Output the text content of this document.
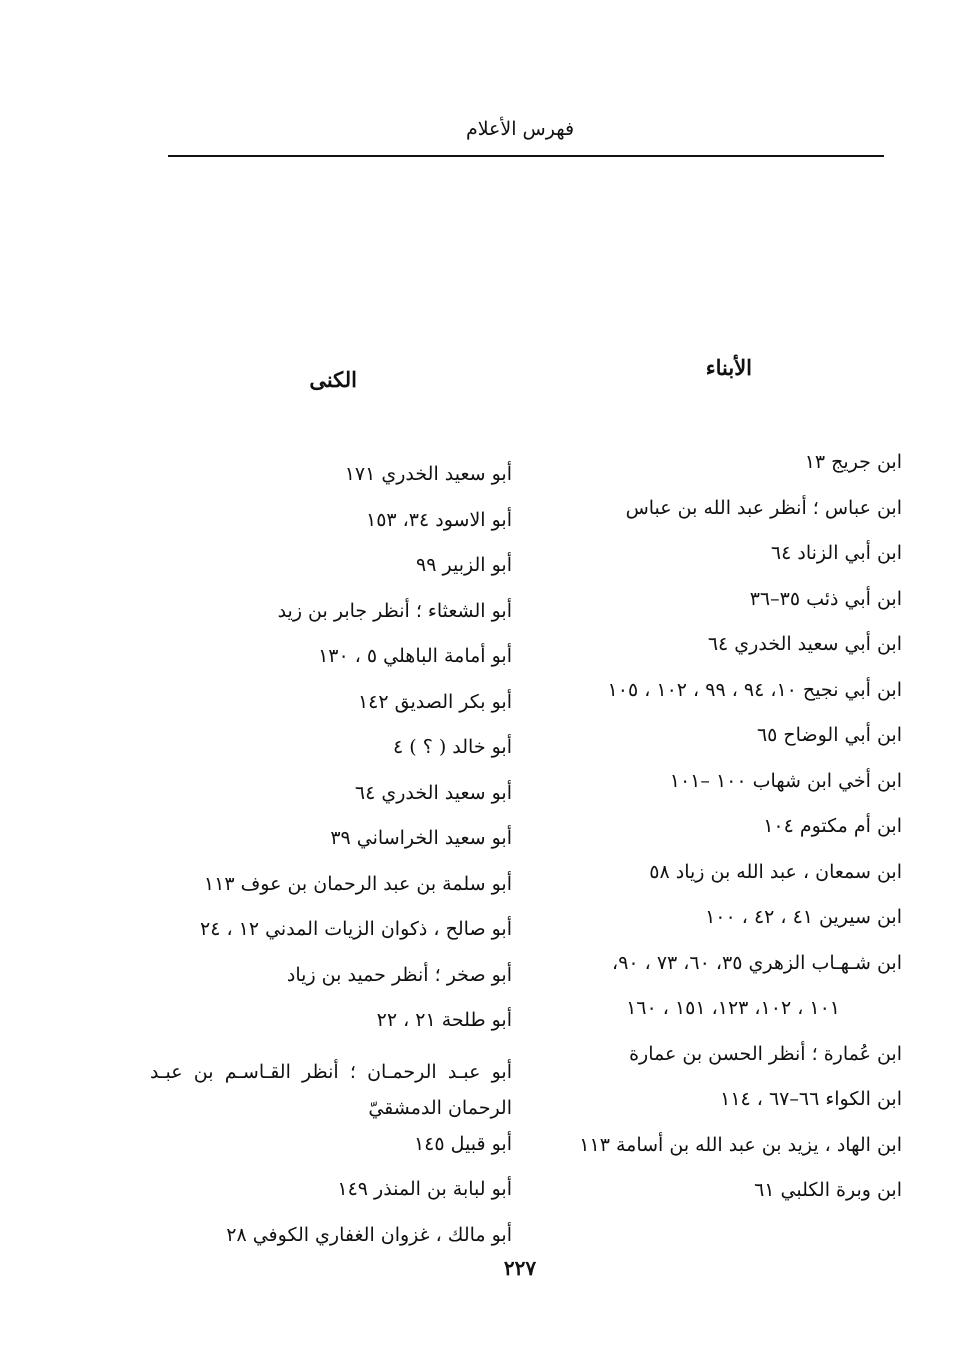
فهرس الأعلام
الأبناء
ابن جريج ١٣
ابن عباس ؛ أنظر عبد الله بن عباس
ابن أبي الزناد ٦٤
ابن أبي ذئب ٣٥–٣٦
ابن أبي سعيد الخدري ٦٤
ابن أبي نجيح ١٠، ٩٤ ، ٩٩ ، ١٠٢ ، ١٠٥
ابن أبي الوضاح ٦٥
ابن أخي ابن شهاب ١٠٠ –١٠١
ابن أم مكتوم ١٠٤
ابن سمعان ، عبد الله بن زياد ٥٨
ابن سيرين ٤١ ، ٤٢ ، ١٠٠
ابن شـهـاب الزهري ٣٥، ٦٠، ٧٣ ، ٩٠،
١٠١ ، ١٠٢، ١٢٣، ١٥١ ، ١٦٠
ابن عُمارة ؛ أنظر الحسن بن عمارة
ابن الكواء ٦٦–٦٧ ، ١١٤
ابن الهاد ، يزيد بن عبد الله بن أسامة ١١٣
ابن وبرة الكلبي ٦١
الكنى
أبو سعيد الخدري ١٧١
أبو الاسود ٣٤، ١٥٣
أبو الزبير ٩٩
أبو الشعثاء ؛ أنظر جابر بن زيد
أبو أمامة الباهلي ٥ ، ١٣٠
أبو بكر الصديق ١٤٢
أبو خالد ( ؟ ) ٤
أبو سعيد الخدري ٦٤
أبو سعيد الخراساني ٣٩
أبو سلمة بن عبد الرحمان بن عوف ١١٣
أبو صالح ، ذكوان الزيات المدني ١٢ ، ٢٤
أبو صخر ؛ أنظر حميد بن زياد
أبو طلحة ٢١ ، ٢٢
أبو عبـد الرحمـان ؛ أنظر القـاسـم بن عبـد الرحمان الدمشقيّ
أبو قبيل ١٤٥
أبو لبابة بن المنذر ١٤٩
أبو مالك ، غزوان الغفاري الكوفي ٢٨
٢٢٧
